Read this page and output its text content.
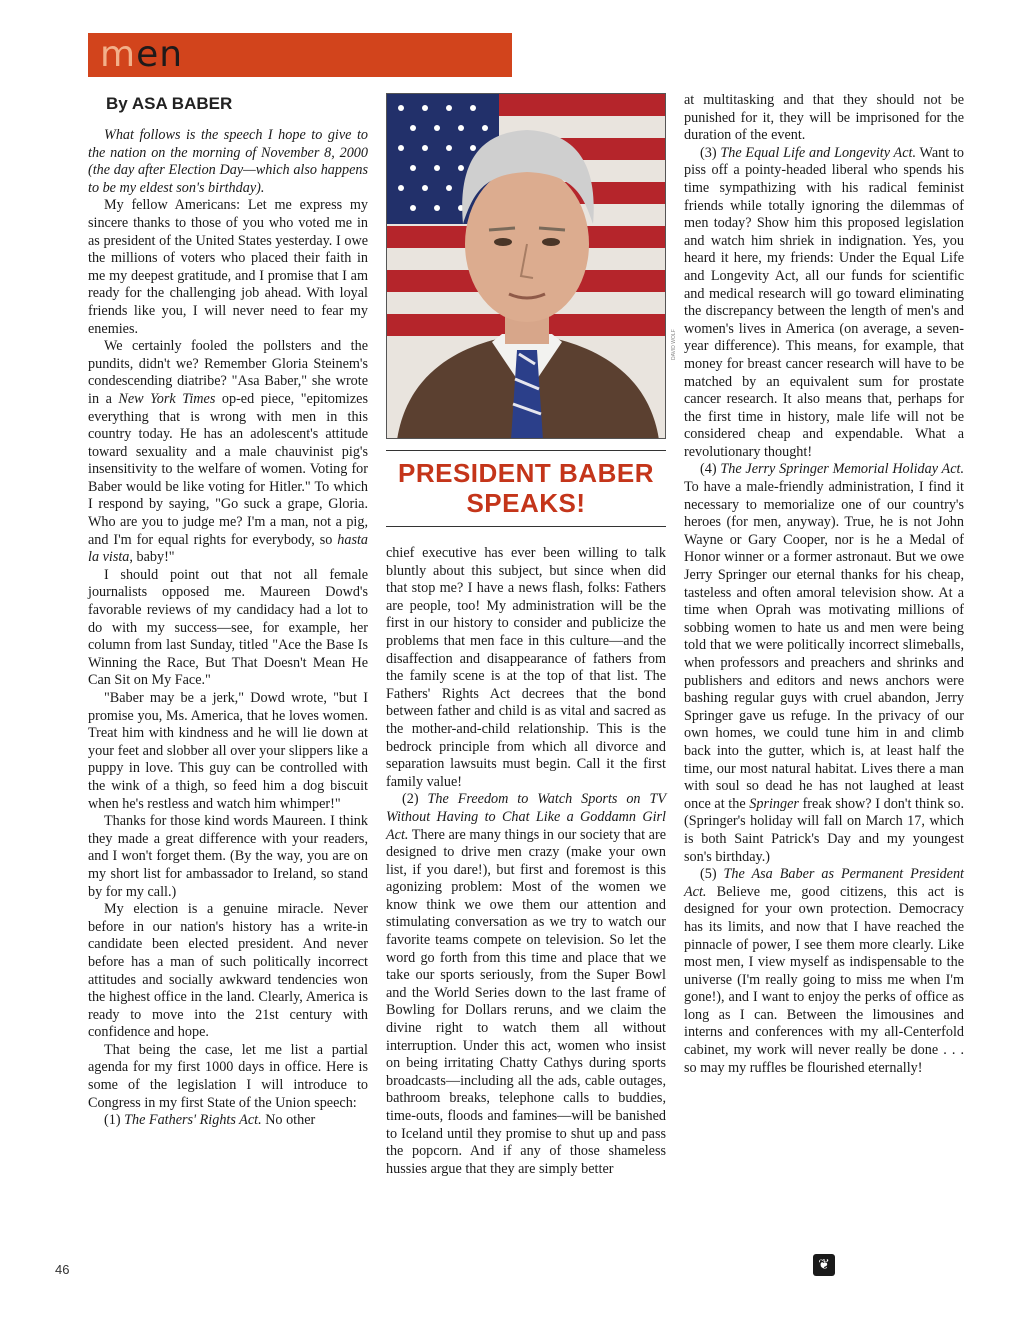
men
By ASA BABER

What follows is the speech I hope to give to the nation on the morning of November 8, 2000 (the day after Election Day—which also happens to be my eldest son's birthday).

My fellow Americans: Let me express my sincere thanks to those of you who voted me in as president of the United States yesterday. I owe the millions of voters who placed their faith in me my deepest gratitude, and I promise that I am ready for the challenging job ahead. With loyal friends like you, I will never need to fear my enemies.

We certainly fooled the pollsters and the pundits, didn't we? Remember Gloria Steinem's condescending diatribe? "Asa Baber," she wrote in a New York Times op-ed piece, "epitomizes everything that is wrong with men in this country today. He has an adolescent's attitude toward sexuality and a male chauvinist pig's insensitivity to the welfare of women. Voting for Baber would be like voting for Hitler." To which I respond by saying, "Go suck a grape, Gloria. Who are you to judge me? I'm a man, not a pig, and I'm for equal rights for everybody, so hasta la vista, baby!"

I should point out that not all female journalists opposed me. Maureen Dowd's favorable reviews of my candidacy had a lot to do with my success—see, for example, her column from last Sunday, titled "Ace the Base Is Winning the Race, But That Doesn't Mean He Can Sit on My Face."

"Baber may be a jerk," Dowd wrote, "but I promise you, Ms. America, that he loves women. Treat him with kindness and he will lie down at your feet and slobber all over your slippers like a puppy in love. This guy can be controlled with the wink of a thigh, so feed him a dog biscuit when he's restless and watch him whimper!"

Thanks for those kind words Maureen. I think they made a great difference with your readers, and I won't forget them. (By the way, you are on my short list for ambassador to Ireland, so stand by for my call.)

My election is a genuine miracle. Never before in our nation's history has a write-in candidate been elected president. And never before has a man of such politically incorrect attitudes and socially awkward tendencies won the highest office in the land. Clearly, America is ready to move into the 21st century with confidence and hope.

That being the case, let me list a partial agenda for my first 1000 days in office. Here is some of the legislation I will introduce to Congress in my first State of the Union speech:

(1) The Fathers' Rights Act. No other

DAVID WOLF
PRESIDENT BABER
SPEAKS!

chief executive has ever been willing to talk bluntly about this subject, but since when did that stop me? I have a news flash, folks: Fathers are people, too! My administration will be the first in our history to consider and publicize the problems that men face in this culture—and the disaffection and disappearance of fathers from the family scene is at the top of that list. The Fathers' Rights Act decrees that the bond between father and child is as vital and sacred as the mother-and-child relationship. This is the bedrock principle from which all divorce and separation lawsuits must begin. Call it the first family value!

(2) The Freedom to Watch Sports on TV Without Having to Chat Like a Goddamn Girl Act. There are many things in our society that are designed to drive men crazy (make your own list, if you dare!), but first and foremost is this agonizing problem: Most of the women we know think we owe them our attention and stimulating conversation as we try to watch our favorite teams compete on television. So let the word go forth from this time and place that we take our sports seriously, from the Super Bowl and the World Series down to the last frame of Bowling for Dollars reruns, and we claim the divine right to watch them all without interruption. Under this act, women who insist on being irritating Chatty Cathys during sports broadcasts—including all the ads, cable outages, bathroom breaks, telephone calls to buddies, time-outs, floods and famines—will be banished to Iceland until they promise to shut up and pass the popcorn. And if any of those shameless hussies argue that they are simply better

at multitasking and that they should not be punished for it, they will be imprisoned for the duration of the event.

(3) The Equal Life and Longevity Act. Want to piss off a pointy-headed liberal who spends his time sympathizing with his radical feminist friends while totally ignoring the dilemmas of men today? Show him this proposed legislation and watch him shriek in indignation. Yes, you heard it here, my friends: Under the Equal Life and Longevity Act, all our funds for scientific and medical research will go toward eliminating the discrepancy between the length of men's and women's lives in America (on average, a seven-year difference). This means, for example, that money for breast cancer research will have to be matched by an equivalent sum for prostate cancer research. It also means that, perhaps for the first time in history, male life will not be considered cheap and expendable. What a revolutionary thought!

(4) The Jerry Springer Memorial Holiday Act. To have a male-friendly administration, I find it necessary to memorialize one of our country's heroes (for men, anyway). True, he is not John Wayne or Gary Cooper, nor is he a Medal of Honor winner or a former astronaut. But we owe Jerry Springer our eternal thanks for his cheap, tasteless and often amoral television show. At a time when Oprah was motivating millions of sobbing women to hate us and men were being told that we were politically incorrect slimeballs, when professors and preachers and shrinks and publishers and editors and news anchors were bashing regular guys with cruel abandon, Jerry Springer gave us refuge. In the privacy of our own homes, we could tune him in and climb back into the gutter, which is, at least half the time, our most natural habitat. Lives there a man with soul so dead he has not laughed at least once at the Springer freak show? I don't think so. (Springer's holiday will fall on March 17, which is both Saint Patrick's Day and my youngest son's birthday.)

(5) The Asa Baber as Permanent President Act. Believe me, good citizens, this act is designed for your own protection. Democracy has its limits, and now that I have reached the pinnacle of power, I see them more clearly. Like most men, I view myself as indispensable to the universe (I'm really going to miss me when I'm gone!), and I want to enjoy the perks of office as long as I can. Between the limousines and interns and conferences with my all-Centerfold cabinet, my work will never really be done . . . so may my ruffles be flourished eternally!

46	❦
